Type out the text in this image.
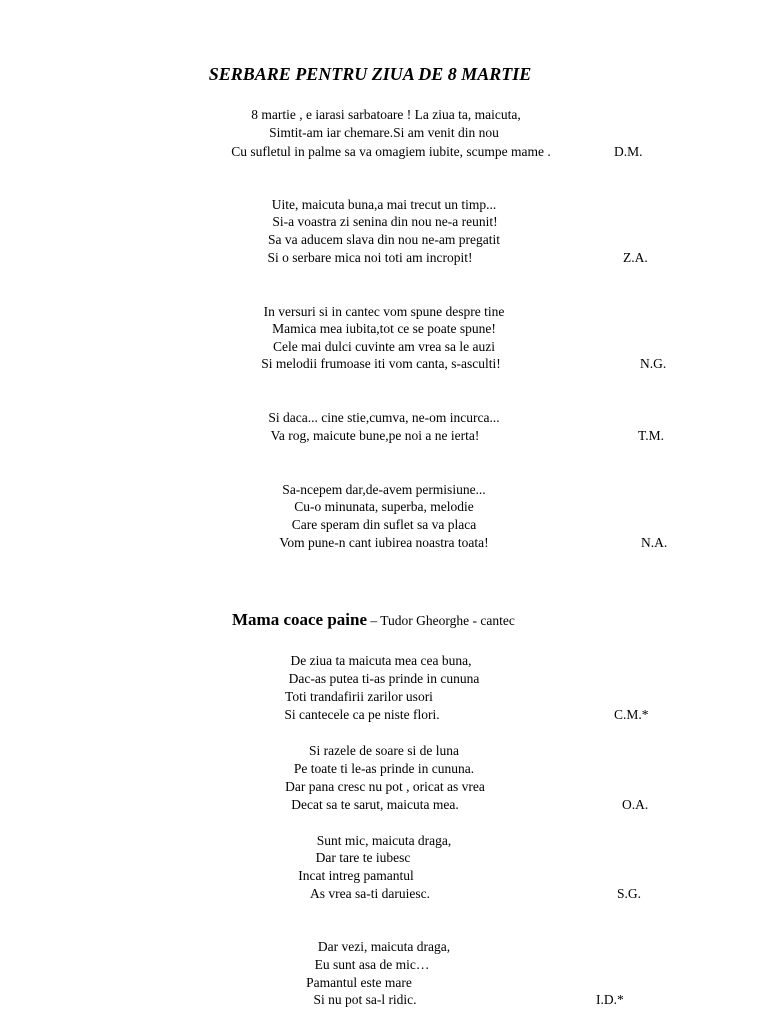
SERBARE PENTRU ZIUA DE 8 MARTIE
8 martie , e iarasi sarbatoare ! La ziua ta, maicuta,
Simtit-am iar chemare.Si am venit din nou
Cu sufletul in palme sa va omagiem iubite, scumpe mame .	D.M.
Uite, maicuta buna,a mai trecut un timp...
Si-a voastra zi senina din nou ne-a reunit!
Sa va aducem slava din nou ne-am pregatit
Si o serbare mica noi toti am incropit!	Z.A.
In versuri si in cantec vom spune despre tine
Mamica mea iubita,tot ce se poate spune!
Cele mai dulci cuvinte am vrea sa le auzi
Si melodii frumoase iti vom canta, s-asculti!	N.G.
Si daca... cine stie,cumva, ne-om incurca...
Va rog, maicute bune,pe noi a ne ierta!	T.M.
Sa-ncepem dar,de-avem permisiune...
Cu-o minunata, superba, melodie
Care speram din suflet sa va placa
Vom pune-n cant iubirea noastra toata!	N.A.

Mama coace paine – Tudor Gheorghe - cantec

De ziua ta maicuta mea cea buna,
Dac-as putea ti-as prinde in cununa
Toti trandafirii zarilor usori
Si cantecele ca pe niste flori.	C.M.*
Si razele de soare si de luna
Pe toate ti le-as prinde in cununa.
Dar pana cresc nu pot , oricat as vrea
Decat sa te sarut, maicuta mea.	O.A.
Sunt mic, maicuta draga,
Dar tare te iubesc
Incat intreg pamantul
As vrea sa-ti daruiesc.	S.G.
Dar vezi, maicuta draga,
Eu sunt asa de mic…
Pamantul este mare
Si nu pot sa-l ridic.	I.D.*
